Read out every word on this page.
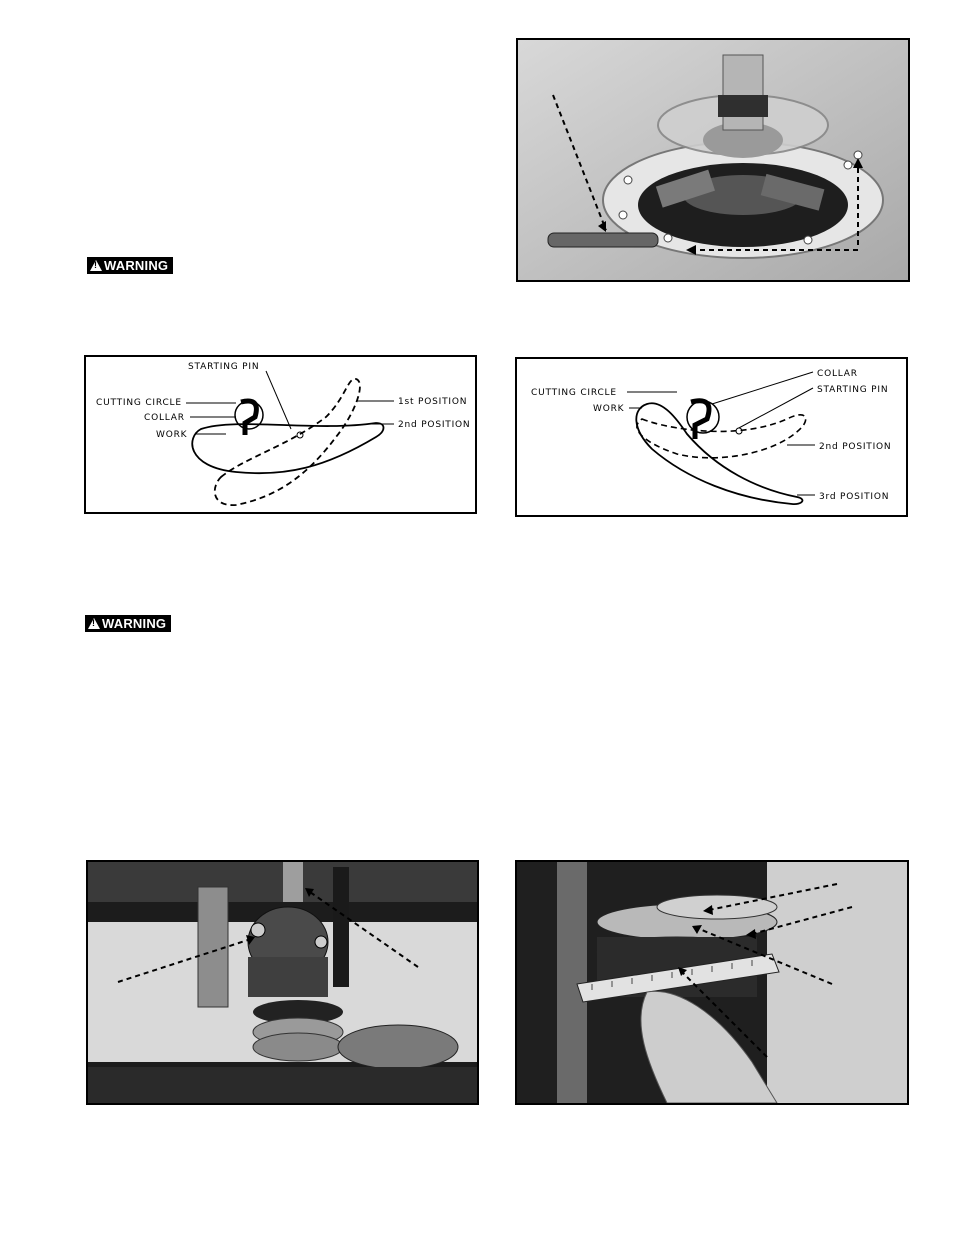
!WARNING
!WARNING
STARTING PIN
CUTTING CIRCLE
COLLAR
WORK
1st POSITION
2nd POSITION
COLLAR
STARTING PIN
CUTTING CIRCLE
WORK
2nd POSITION
3rd POSITION
